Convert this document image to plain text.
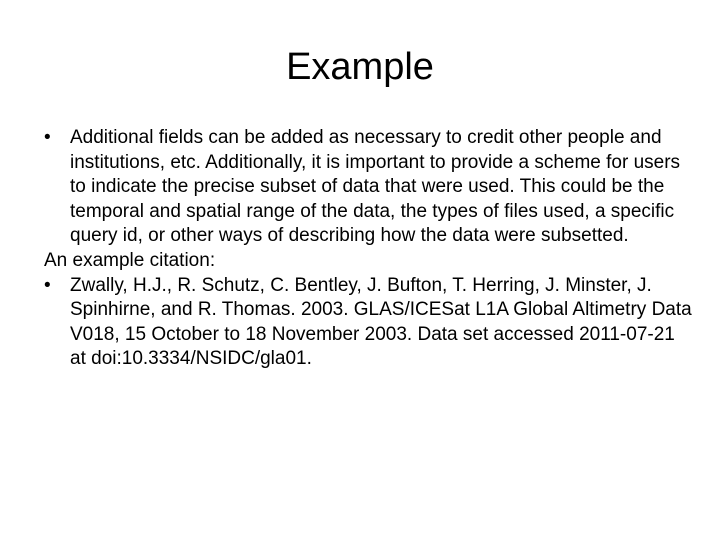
Example

• Additional fields can be added as necessary to credit other people and institutions, etc. Additionally, it is important to provide a scheme for users to indicate the precise subset of data that were used. This could be the temporal and spatial range of the data, the types of files used, a specific query id, or other ways of describing how the data were subsetted.

An example citation:

• Zwally, H.J., R. Schutz, C. Bentley, J. Bufton, T. Herring, J. Minster, J. Spinhirne, and R. Thomas. 2003. GLAS/ICESat L1A Global Altimetry Data V018, 15 October to 18 November 2003. Data set accessed 2011-07-21 at doi:10.3334/NSIDC/gla01.
